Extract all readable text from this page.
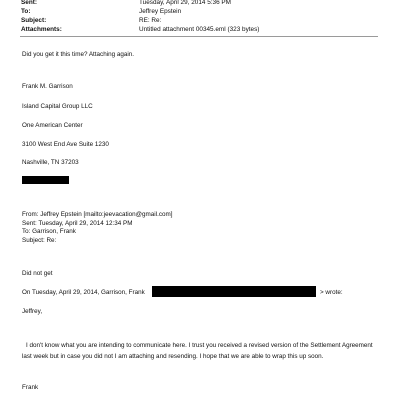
Sent:	Tuesday, April 29, 2014 5:36 PM
To:	Jeffrey Epstein
Subject:	RE: Re:
Attachments:	Untitled attachment 00345.eml (323 bytes)
Did you get it this time? Attaching again.
Frank M. Garrison
Island Capital Group LLC
One American Center
3100 West End Ave Suite 1230
Nashville, TN 37203
From: Jeffrey Epstein [mailto:jeevacation@gmail.com]
Sent: Tuesday, April 29, 2014 12:34 PM
To: Garrison, Frank
Subject: Re:
Did not get
On Tuesday, April 29, 2014, Garrison, Frank	> wrote:
Jeffrey,
I don't know what you are intending to communicate here. I trust you received a revised version of the Settlement Agreement last week but in case you did not I am attaching and resending. I hope that we are able to wrap this up soon.
Frank
